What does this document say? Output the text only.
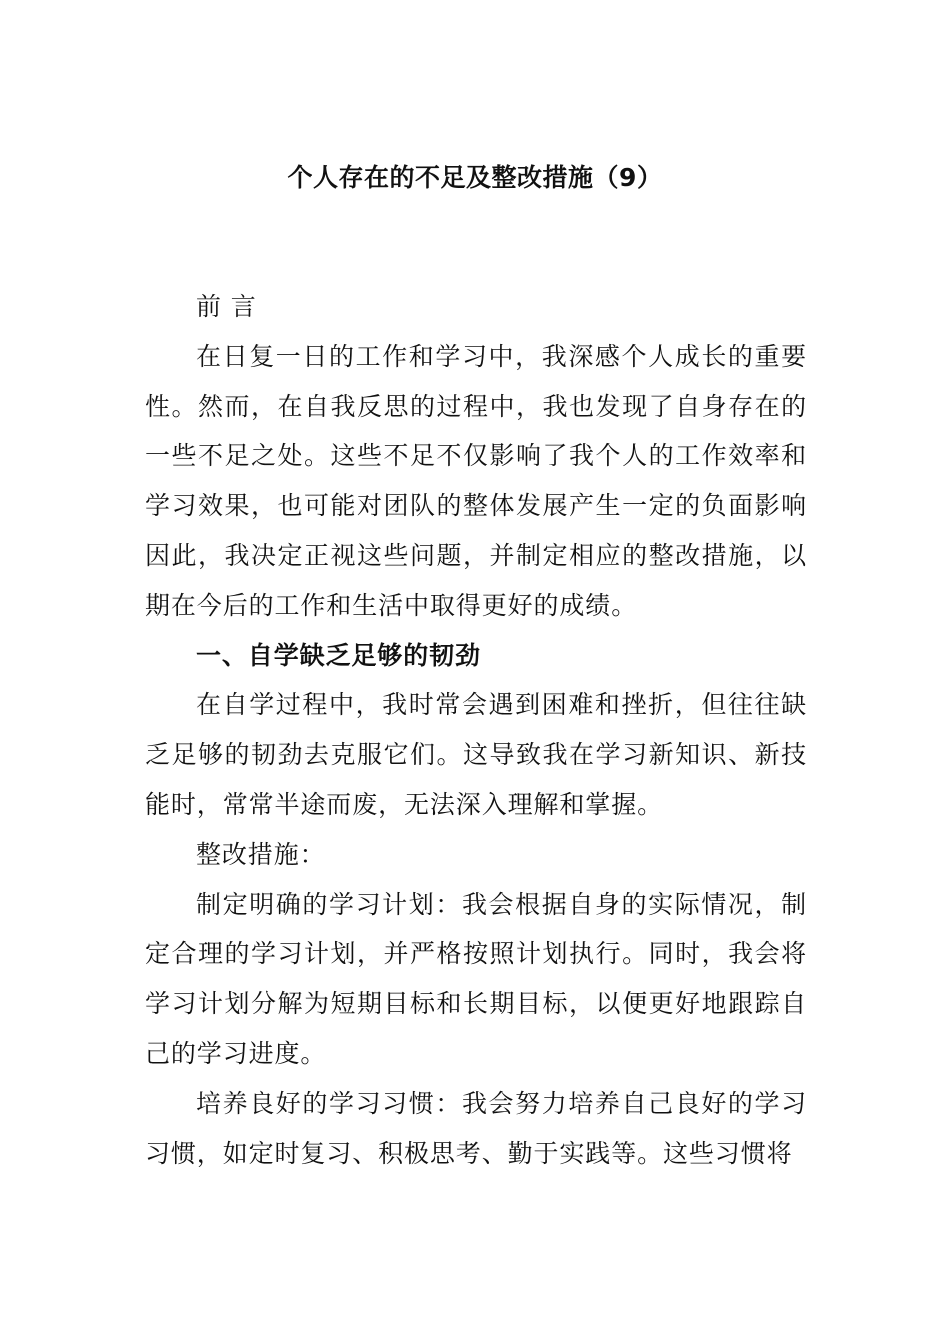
个人存在的不足及整改措施（9）

前 言

在日复一日的工作和学习中，我深感个人成长的重要性。然而，在自我反思的过程中，我也发现了自身存在的一些不足之处。这些不足不仅影响了我个人的工作效率和学习效果，也可能对团队的整体发展产生一定的负面影响因此，我决定正视这些问题，并制定相应的整改措施，以期在今后的工作和生活中取得更好的成绩。

一、自学缺乏足够的韧劲

在自学过程中，我时常会遇到困难和挫折，但往往缺乏足够的韧劲去克服它们。这导致我在学习新知识、新技能时，常常半途而废，无法深入理解和掌握。

整改措施：

制定明确的学习计划：我会根据自身的实际情况，制定合理的学习计划，并严格按照计划执行。同时，我会将学习计划分解为短期目标和长期目标，以便更好地跟踪自己的学习进度。

培养良好的学习习惯：我会努力培养自己良好的学习习惯，如定时复习、积极思考、勤于实践等。这些习惯将
